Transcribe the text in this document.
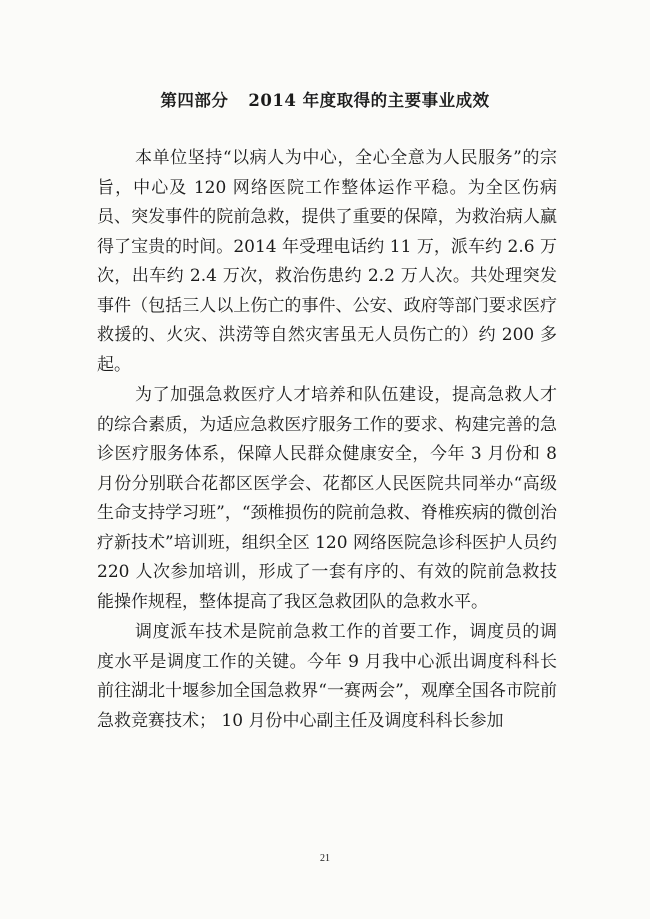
第四部分 2014 年度取得的主要事业成效

本单位坚持“以病人为中心，全心全意为人民服务”的宗旨，中心及 120 网络医院工作整体运作平稳。为全区伤病员、突发事件的院前急救，提供了重要的保障，为救治病人赢得了宝贵的时间。2014 年受理电话约 11 万，派车约 2.6 万次，出车约 2.4 万次，救治伤患约 2.2 万人次。共处理突发事件（包括三人以上伤亡的事件、公安、政府等部门要求医疗救援的、火灾、洪涝等自然灾害虽无人员伤亡的）约 200 多起。

为了加强急救医疗人才培养和队伍建设，提高急救人才的综合素质，为适应急救医疗服务工作的要求、构建完善的急诊医疗服务体系，保障人民群众健康安全，今年 3 月份和 8 月份分别联合花都区医学会、花都区人民医院共同举办“高级生命支持学习班”，“颈椎损伤的院前急救、脊椎疾病的微创治疗新技术”培训班，组织全区 120 网络医院急诊科医护人员约 220 人次参加培训，形成了一套有序的、有效的院前急救技能操作规程，整体提高了我区急救团队的急救水平。

调度派车技术是院前急救工作的首要工作，调度员的调度水平是调度工作的关键。今年 9 月我中心派出调度科科长前往湖北十堰参加全国急救界“一赛两会”，观摩全国各市院前急救竞赛技术； 10 月份中心副主任及调度科科长参加

21
